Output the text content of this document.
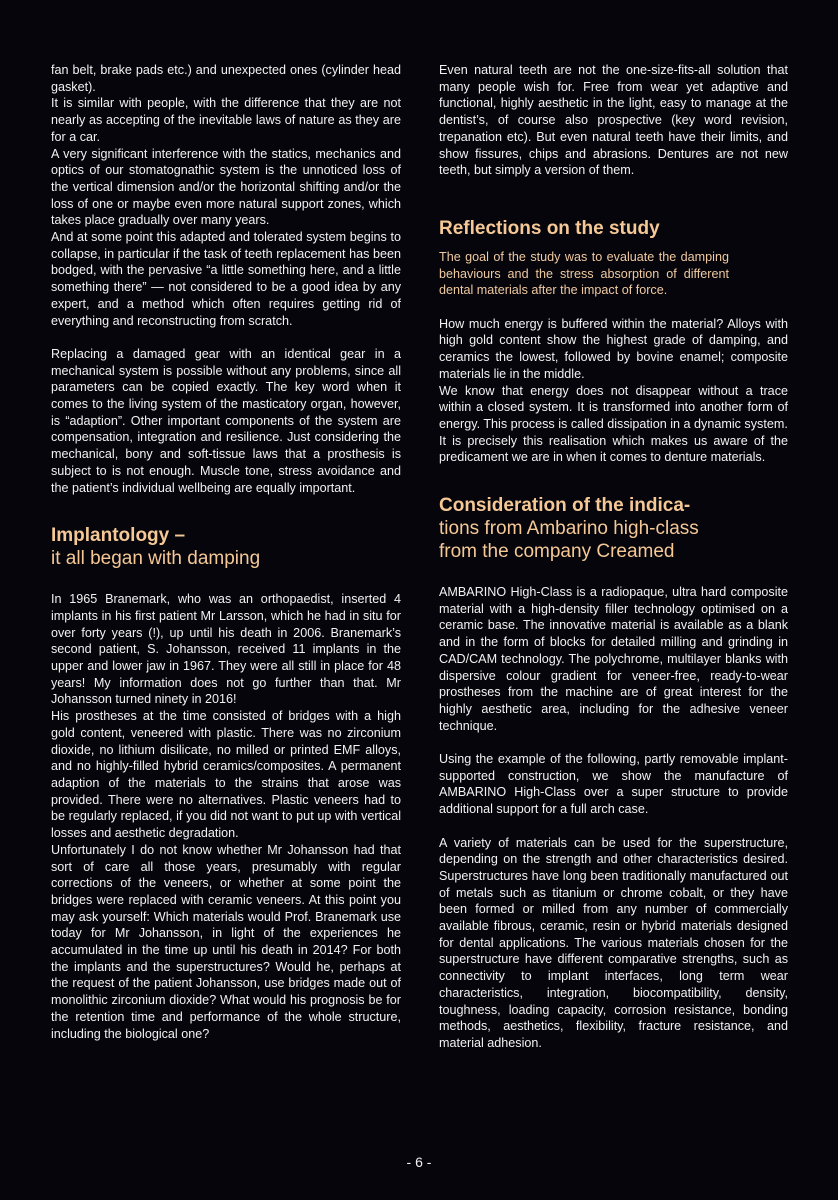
fan belt, brake pads etc.) and unexpected ones (cylinder head gasket).

It is similar with people, with the difference that they are not nearly as accepting of the inevitable laws of nature as they are for a car.

A very significant interference with the statics, mechanics and optics of our stomatognathic system is the unnoticed loss of the vertical dimension and/or the horizontal shifting and/or the loss of one or maybe even more natural support zones, which takes place gradually over many years.

And at some point this adapted and tolerated system begins to collapse, in particular if the task of teeth replacement has been bodged, with the pervasive “a little something here, and a little something there” — not considered to be a good idea by any expert, and a method which often requires getting rid of everything and reconstructing from scratch.

Replacing a damaged gear with an identical gear in a mechanical system is possible without any problems, since all parameters can be copied exactly. The key word when it comes to the living system of the masticatory organ, however, is “adaption”. Other important components of the system are compensation, integration and resilience. Just considering the mechanical, bony and soft-tissue laws that a prosthesis is subject to is not enough. Muscle tone, stress avoidance and the patient’s individual wellbeing are equally important.

Implantology –
it all began with damping

In 1965 Branemark, who was an orthopaedist, inserted 4 implants in his first patient Mr Larsson, which he had in situ for over forty years (!), up until his death in 2006. Branemark’s second patient, S. Johansson, received 11 implants in the upper and lower jaw in 1967. They were all still in place for 48 years! My information does not go further than that. Mr Johansson turned ninety in 2016!

His prostheses at the time consisted of bridges with a high gold content, veneered with plastic. There was no zirconium dioxide, no lithium disilicate, no milled or printed EMF alloys, and no highly-filled hybrid ceramics/composites. A permanent adaption of the materials to the strains that arose was provided. There were no alternatives. Plastic veneers had to be regularly replaced, if you did not want to put up with vertical losses and aesthetic degradation.

Unfortunately I do not know whether Mr Johansson had that sort of care all those years, presumably with regular corrections of the veneers, or whether at some point the bridges were replaced with ceramic veneers. At this point you may ask yourself: Which materials would Prof. Branemark use today for Mr Johansson, in light of the experiences he accumulated in the time up until his death in 2014? For both the implants and the superstructures? Would he, perhaps at the request of the patient Johansson, use bridges made out of monolithic zirconium dioxide? What would his prognosis be for the retention time and performance of the whole structure, including the biological one?

Even natural teeth are not the one-size-fits-all solution that many people wish for. Free from wear yet adaptive and functional, highly aesthetic in the light, easy to manage at the dentist’s, of course also prospective (key word revision, trepanation etc). But even natural teeth have their limits, and show fissures, chips and abrasions. Dentures are not new teeth, but simply a version of them.

Reflections on the study

The goal of the study was to evaluate the damping behaviours and the stress absorption of different dental materials after the impact of force.

How much energy is buffered within the material? Alloys with high gold content show the highest grade of damping, and ceramics the lowest, followed by bovine enamel; composite materials lie in the middle.

We know that energy does not disappear without a trace within a closed system. It is transformed into another form of energy. This process is called dissipation in a dynamic system.

It is precisely this realisation which makes us aware of the predicament we are in when it comes to denture materials.

Consideration of the indica-
tions from Ambarino high-class
from the company Creamed

AMBARINO High-Class is a radiopaque, ultra hard composite material with a high-density filler technology optimised on a ceramic base. The innovative material is available as a blank and in the form of blocks for detailed milling and grinding in CAD/CAM technology. The polychrome, multilayer blanks with dispersive colour gradient for veneer-free, ready-to-wear prostheses from the machine are of great interest for the highly aesthetic area, including for the adhesive veneer technique.

Using the example of the following, partly removable implant-supported construction, we show the manufacture of AMBARINO High-Class over a super structure to provide additional support for a full arch case.

A variety of materials can be used for the superstructure, depending on the strength and other characteristics desired. Superstructures have long been traditionally manufactured out of metals such as titanium or chrome cobalt, or they have been formed or milled from any number of commercially available fibrous, ceramic, resin or hybrid materials designed for dental applications. The various materials chosen for the superstructure have different comparative strengths, such as connectivity to implant interfaces, long term wear characteristics, integration, biocompatibility, density, toughness, loading capacity, corrosion resistance, bonding methods, aesthetics, flexibility, fracture resistance, and material adhesion.

- 6 -
